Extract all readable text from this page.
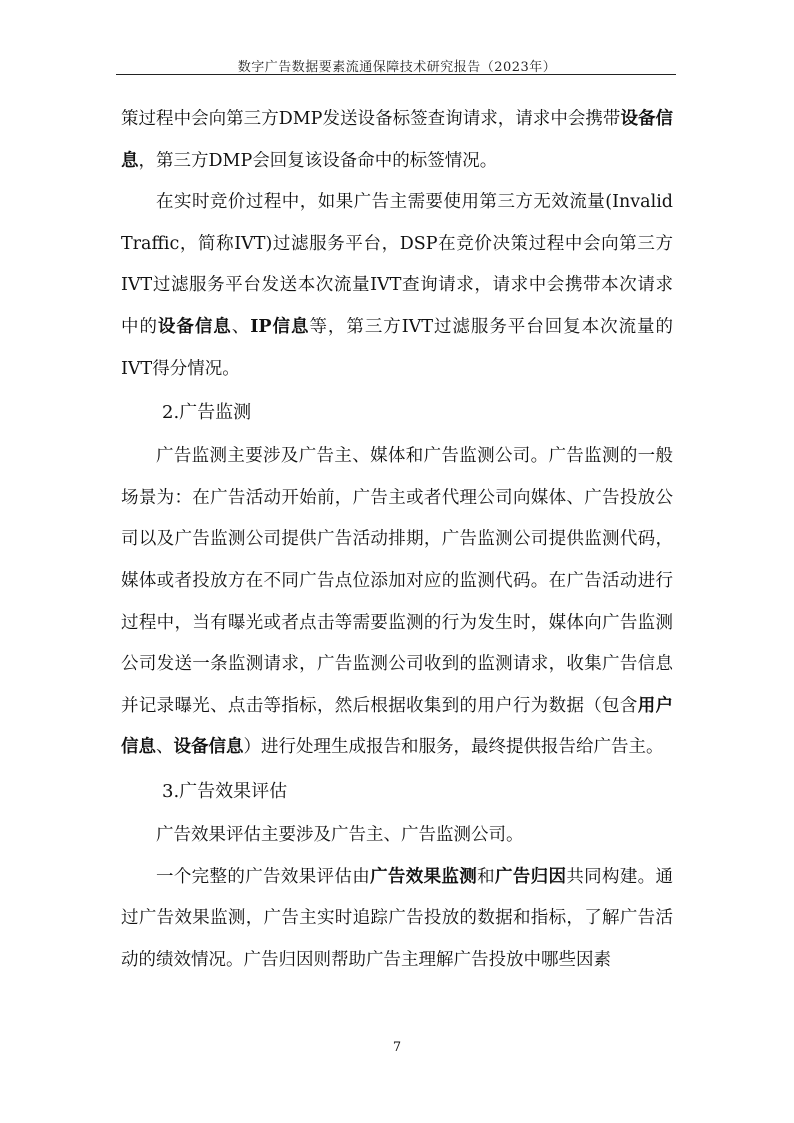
数字广告数据要素流通保障技术研究报告（2023年）

策过程中会向第三方DMP发送设备标签查询请求，请求中会携带设备信息，第三方DMP会回复该设备命中的标签情况。

在实时竞价过程中，如果广告主需要使用第三方无效流量(Invalid Traffic，简称IVT)过滤服务平台，DSP在竞价决策过程中会向第三方IVT过滤服务平台发送本次流量IVT查询请求，请求中会携带本次请求中的设备信息、IP信息等，第三方IVT过滤服务平台回复本次流量的IVT得分情况。

2.广告监测

广告监测主要涉及广告主、媒体和广告监测公司。广告监测的一般场景为：在广告活动开始前，广告主或者代理公司向媒体、广告投放公司以及广告监测公司提供广告活动排期，广告监测公司提供监测代码，媒体或者投放方在不同广告点位添加对应的监测代码。在广告活动进行过程中，当有曝光或者点击等需要监测的行为发生时，媒体向广告监测公司发送一条监测请求，广告监测公司收到的监测请求，收集广告信息并记录曝光、点击等指标，然后根据收集到的用户行为数据（包含用户信息、设备信息）进行处理生成报告和服务，最终提供报告给广告主。

3.广告效果评估

广告效果评估主要涉及广告主、广告监测公司。

一个完整的广告效果评估由广告效果监测和广告归因共同构建。通过广告效果监测，广告主实时追踪广告投放的数据和指标，了解广告活动的绩效情况。广告归因则帮助广告主理解广告投放中哪些因素

7
